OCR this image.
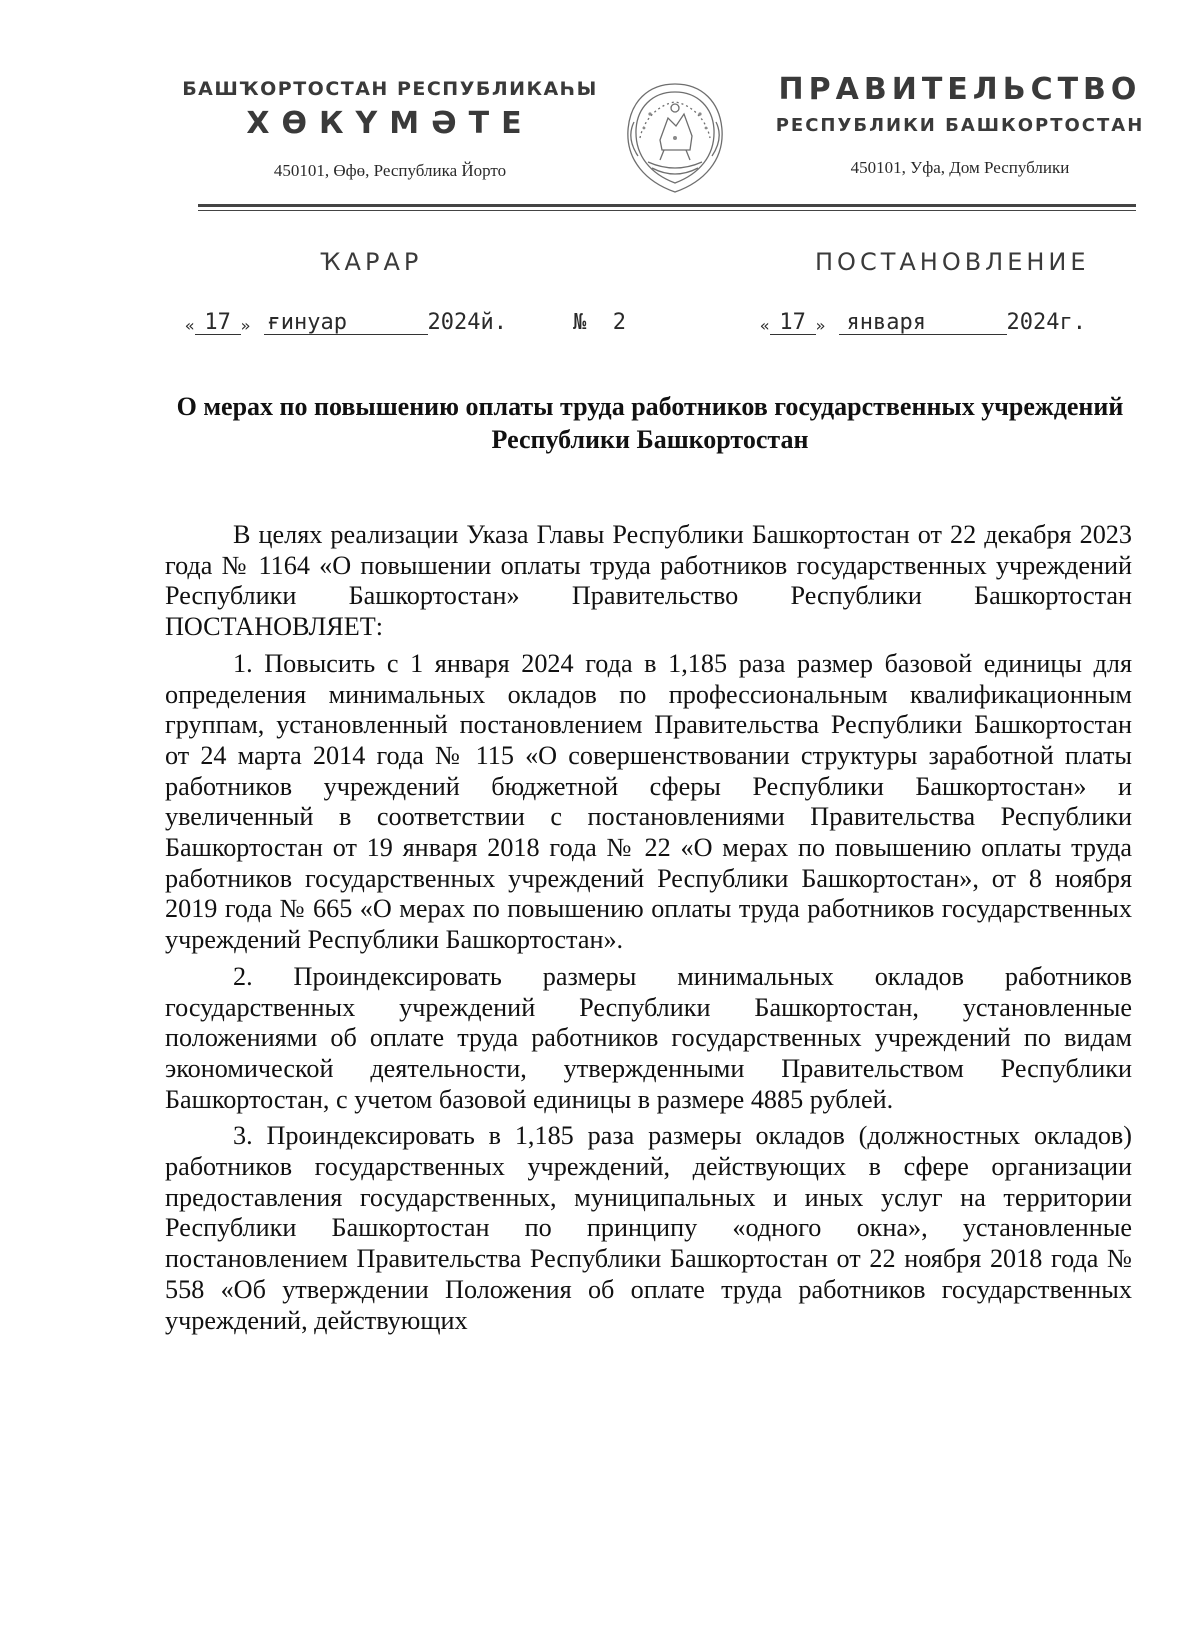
БАШҠОРТОСТАН РЕСПУБЛИКАҺЫ
ХӨКҮМӘТЕ
450101, Өфө, Республика Йорто
ПРАВИТЕЛЬСТВО
РЕСПУБЛИКИ БАШКОРТОСТАН
450101, Уфа, Дом Республики
ҠАРАР	ПОСТАНОВЛЕНИЕ
« 17 » ғинуар	2024й.	№ 2	« 17 » января	2024г.
О мерах по повышению оплаты труда работников государственных учреждений Республики Башкортостан

В целях реализации Указа Главы Республики Башкортостан от 22 декабря 2023 года № 1164 «О повышении оплаты труда работников государственных учреждений Республики Башкортостан» Правительство Республики Башкортостан ПОСТАНОВЛЯЕТ:

1. Повысить с 1 января 2024 года в 1,185 раза размер базовой единицы для определения минимальных окладов по профессиональным квалификационным группам, установленный постановлением Правительства Республики Башкортостан от 24 марта 2014 года № 115 «О совершенствовании структуры заработной платы работников учреждений бюджетной сферы Республики Башкортостан» и увеличенный в соответствии с постановлениями Правительства Республики Башкортостан от 19 января 2018 года № 22 «О мерах по повышению оплаты труда работников государственных учреждений Республики Башкортостан», от 8 ноября 2019 года № 665 «О мерах по повышению оплаты труда работников государственных учреждений Республики Башкортостан».

2. Проиндексировать размеры минимальных окладов работников государственных учреждений Республики Башкортостан, установленные положениями об оплате труда работников государственных учреждений по видам экономической деятельности, утвержденными Правительством Республики Башкортостан, с учетом базовой единицы в размере 4885 рублей.

3. Проиндексировать в 1,185 раза размеры окладов (должностных окладов) работников государственных учреждений, действующих в сфере организации предоставления государственных, муниципальных и иных услуг на территории Республики Башкортостан по принципу «одного окна», установленные постановлением Правительства Республики Башкортостан от 22 ноября 2018 года № 558 «Об утверждении Положения об оплате труда работников государственных учреждений, действующих
